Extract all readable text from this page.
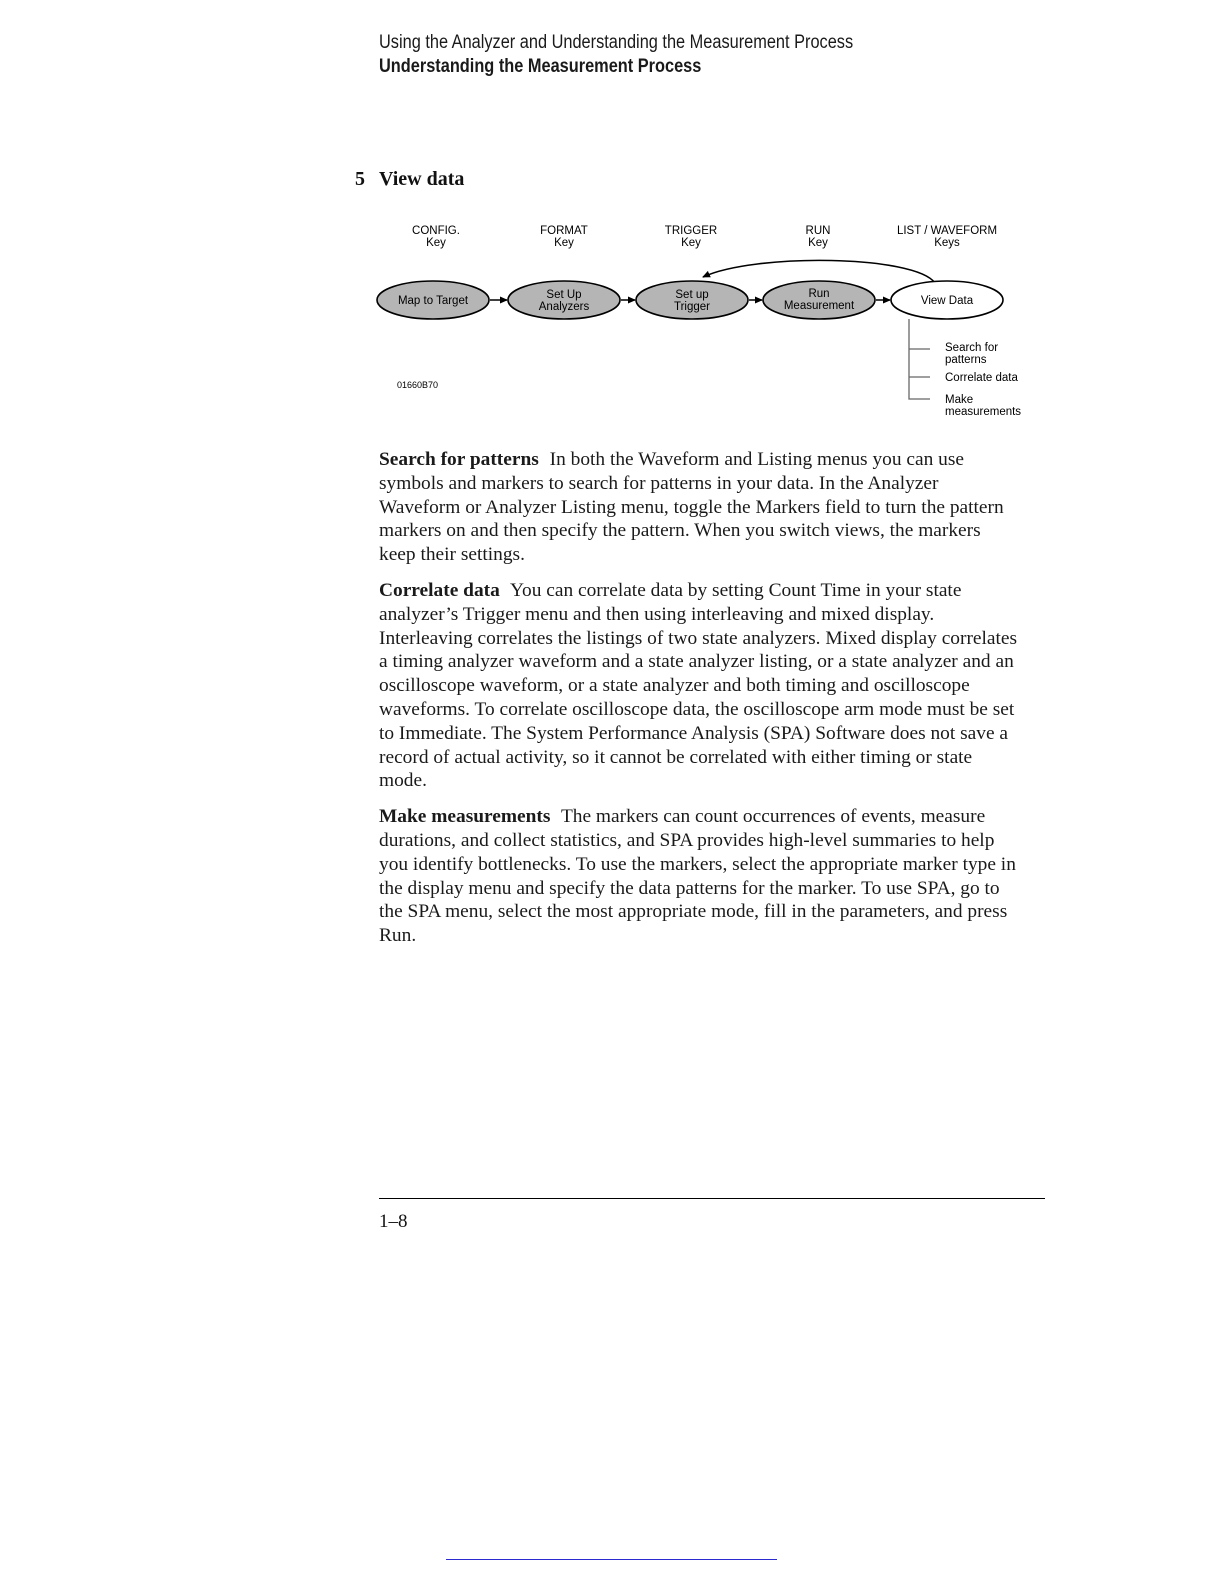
Using the Analyzer and Understanding the Measurement Process
Understanding the Measurement Process
5 View data
CONFIG.
Key
FORMAT
Key
TRIGGER
Key
RUN
Key
LIST / WAVEFORM
Keys
Map to Target	Set Up
Analyzers
Set up
Trigger
Run
Measurement	View Data
Search for
patterns
Correlate data
Make
measurements
01660B70

Search for patterns In both the Waveform and Listing menus you can use symbols and markers to search for patterns in your data. In the Analyzer Waveform or Analyzer Listing menu, toggle the Markers field to turn the pattern markers on and then specify the pattern. When you switch views, the markers keep their settings.

Correlate data You can correlate data by setting Count Time in your state analyzer’s Trigger menu and then using interleaving and mixed display. Interleaving correlates the listings of two state analyzers. Mixed display correlates a timing analyzer waveform and a state analyzer listing, or a state analyzer and an oscilloscope waveform, or a state analyzer and both timing and oscilloscope waveforms. To correlate oscilloscope data, the oscilloscope arm mode must be set to Immediate. The System Performance Analysis (SPA) Software does not save a record of actual activity, so it cannot be correlated with either timing or state mode.

Make measurements The markers can count occurrences of events, measure durations, and collect statistics, and SPA provides high-level summaries to help you identify bottlenecks. To use the markers, select the appropriate marker type in the display menu and specify the data patterns for the marker. To use SPA, go to the SPA menu, select the most appropriate mode, fill in the parameters, and press Run.

1–8
